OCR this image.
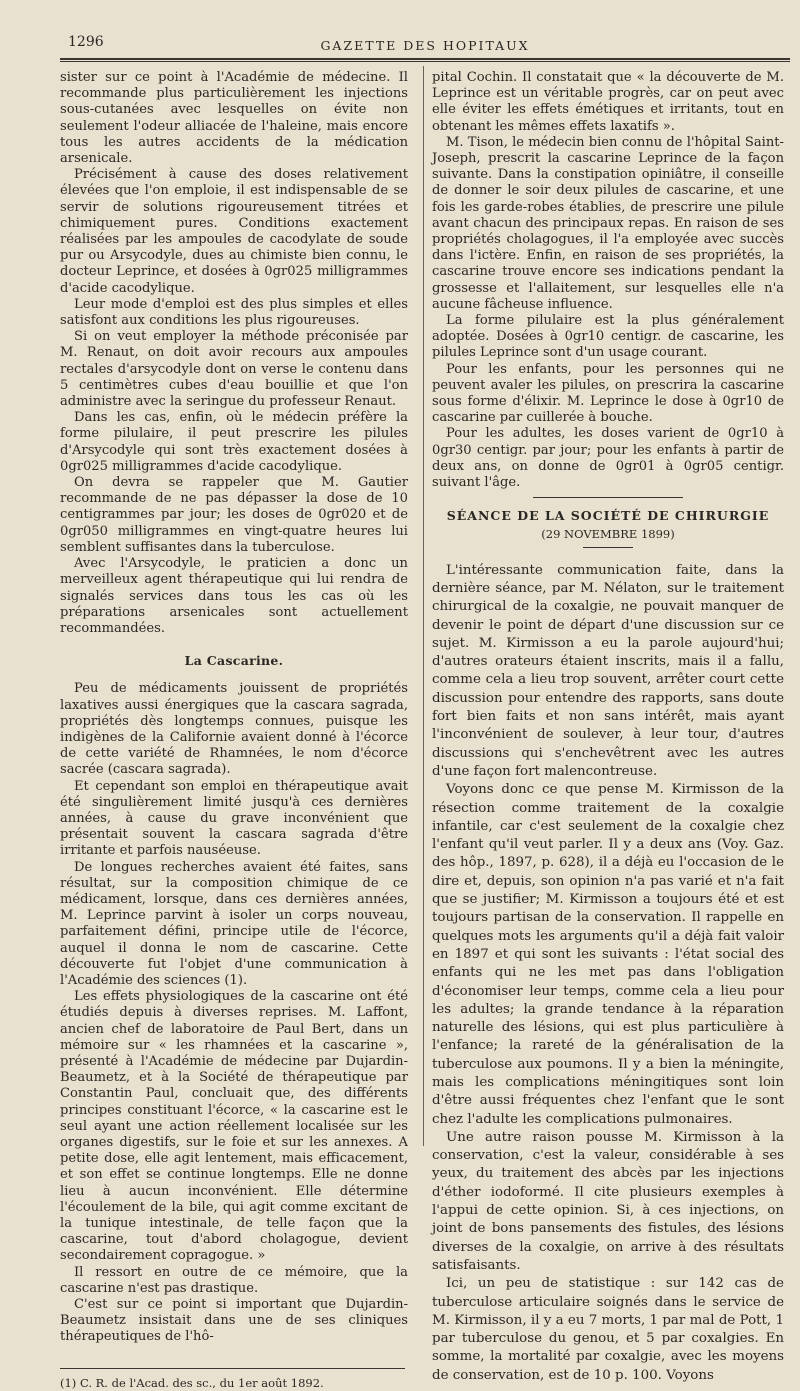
1296	GAZETTE DES HOPITAUX

sister sur ce point à l'Académie de médecine. Il recommande plus particulièrement les injections sous-cutanées avec lesquelles on évite non seulement l'odeur alliacée de l'haleine, mais encore tous les autres accidents de la médication arsenicale.

Précisément à cause des doses relativement élevées que l'on emploie, il est indispensable de se servir de solutions rigoureusement titrées et chimiquement pures. Conditions exactement réalisées par les ampoules de cacodylate de soude pur ou Arsycodyle, dues au chimiste bien connu, le docteur Leprince, et dosées à 0gr025 milligrammes d'acide cacodylique.

Leur mode d'emploi est des plus simples et elles satisfont aux conditions les plus rigoureuses.

Si on veut employer la méthode préconisée par M. Renaut, on doit avoir recours aux ampoules rectales d'arsycodyle dont on verse le contenu dans 5 centimètres cubes d'eau bouillie et que l'on administre avec la seringue du professeur Renaut.

Dans les cas, enfin, où le médecin préfère la forme pilulaire, il peut prescrire les pilules d'Arsycodyle qui sont très exactement dosées à 0gr025 milligrammes d'acide cacodylique.

On devra se rappeler que M. Gautier recommande de ne pas dépasser la dose de 10 centigrammes par jour; les doses de 0gr020 et de 0gr050 milligrammes en vingt-quatre heures lui semblent suffisantes dans la tuberculose.

Avec l'Arsycodyle, le praticien a donc un merveilleux agent thérapeutique qui lui rendra de signalés services dans tous les cas où les préparations arsenicales sont actuellement recommandées.

La Cascarine.

Peu de médicaments jouissent de propriétés laxatives aussi énergiques que la cascara sagrada, propriétés dès longtemps connues, puisque les indigènes de la Californie avaient donné à l'écorce de cette variété de Rhamnées, le nom d'écorce sacrée (cascara sagrada).

Et cependant son emploi en thérapeutique avait été singulièrement limité jusqu'à ces dernières années, à cause du grave inconvénient que présentait souvent la cascara sagrada d'être irritante et parfois nauséeuse.

De longues recherches avaient été faites, sans résultat, sur la composition chimique de ce médicament, lorsque, dans ces dernières années, M. Leprince parvint à isoler un corps nouveau, parfaitement défini, principe utile de l'écorce, auquel il donna le nom de cascarine. Cette découverte fut l'objet d'une communication à l'Académie des sciences (1).

Les effets physiologiques de la cascarine ont été étudiés depuis à diverses reprises. M. Laffont, ancien chef de laboratoire de Paul Bert, dans un mémoire sur « les rhamnées et la cascarine », présenté à l'Académie de médecine par Dujardin-Beaumetz, et à la Société de thérapeutique par Constantin Paul, concluait que, des différents principes constituant l'écorce, « la cascarine est le seul ayant une action réellement localisée sur les organes digestifs, sur le foie et sur les annexes. A petite dose, elle agit lentement, mais efficacement, et son effet se continue longtemps. Elle ne donne lieu à aucun inconvénient. Elle détermine l'écoulement de la bile, qui agit comme excitant de la tunique intestinale, de telle façon que la cascarine, tout d'abord cholagogue, devient secondairement copragogue. »

Il ressort en outre de ce mémoire, que la cascarine n'est pas drastique.

C'est sur ce point si important que Dujardin-Beaumetz insistait dans une de ses cliniques thérapeutiques de l'hô-

(1) C. R. de l'Acad. des sc., du 1er août 1892.

pital Cochin. Il constatait que « la découverte de M. Leprince est un véritable progrès, car on peut avec elle éviter les effets émétiques et irritants, tout en obtenant les mêmes effets laxatifs ».

M. Tison, le médecin bien connu de l'hôpital Saint-Joseph, prescrit la cascarine Leprince de la façon suivante. Dans la constipation opiniâtre, il conseille de donner le soir deux pilules de cascarine, et une fois les garde-robes établies, de prescrire une pilule avant chacun des principaux repas. En raison de ses propriétés cholagogues, il l'a employée avec succès dans l'ictère. Enfin, en raison de ses propriétés, la cascarine trouve encore ses indications pendant la grossesse et l'allaitement, sur lesquelles elle n'a aucune fâcheuse influence.

La forme pilulaire est la plus généralement adoptée. Dosées à 0gr10 centigr. de cascarine, les pilules Leprince sont d'un usage courant.

Pour les enfants, pour les personnes qui ne peuvent avaler les pilules, on prescrira la cascarine sous forme d'élixir. M. Leprince le dose à 0gr10 de cascarine par cuillerée à bouche.

Pour les adultes, les doses varient de 0gr10 à 0gr30 centigr. par jour; pour les enfants à partir de deux ans, on donne de 0gr01 à 0gr05 centigr. suivant l'âge.

SÉANCE DE LA SOCIÉTÉ DE CHIRURGIE
(29 NOVEMBRE 1899)

L'intéressante communication faite, dans la dernière séance, par M. Nélaton, sur le traitement chirurgical de la coxalgie, ne pouvait manquer de devenir le point de départ d'une discussion sur ce sujet. M. Kirmisson a eu la parole aujourd'hui; d'autres orateurs étaient inscrits, mais il a fallu, comme cela a lieu trop souvent, arrêter court cette discussion pour entendre des rapports, sans doute fort bien faits et non sans intérêt, mais ayant l'inconvénient de soulever, à leur tour, d'autres discussions qui s'enchevêtrent avec les autres d'une façon fort malencontreuse.

Voyons donc ce que pense M. Kirmisson de la résection comme traitement de la coxalgie infantile, car c'est seulement de la coxalgie chez l'enfant qu'il veut parler. Il y a deux ans (Voy. Gaz. des hôp., 1897, p. 628), il a déjà eu l'occasion de le dire et, depuis, son opinion n'a pas varié et n'a fait que se justifier; M. Kirmisson a toujours été et est toujours partisan de la conservation. Il rappelle en quelques mots les arguments qu'il a déjà fait valoir en 1897 et qui sont les suivants : l'état social des enfants qui ne les met pas dans l'obligation d'économiser leur temps, comme cela a lieu pour les adultes; la grande tendance à la réparation naturelle des lésions, qui est plus particulière à l'enfance; la rareté de la généralisation de la tuberculose aux poumons. Il y a bien la méningite, mais les complications méningitiques sont loin d'être aussi fréquentes chez l'enfant que le sont chez l'adulte les complications pulmonaires.

Une autre raison pousse M. Kirmisson à la conservation, c'est la valeur, considérable à ses yeux, du traitement des abcès par les injections d'éther iodoformé. Il cite plusieurs exemples à l'appui de cette opinion. Si, à ces injections, on joint de bons pansements des fistules, des lésions diverses de la coxalgie, on arrive à des résultats satisfaisants.

Ici, un peu de statistique : sur 142 cas de tuberculose articulaire soignés dans le service de M. Kirmisson, il y a eu 7 morts, 1 par mal de Pott, 1 par tuberculose du genou, et 5 par coxalgies. En somme, la mortalité par coxalgie, avec les moyens de conservation, est de 10 p. 100. Voyons
